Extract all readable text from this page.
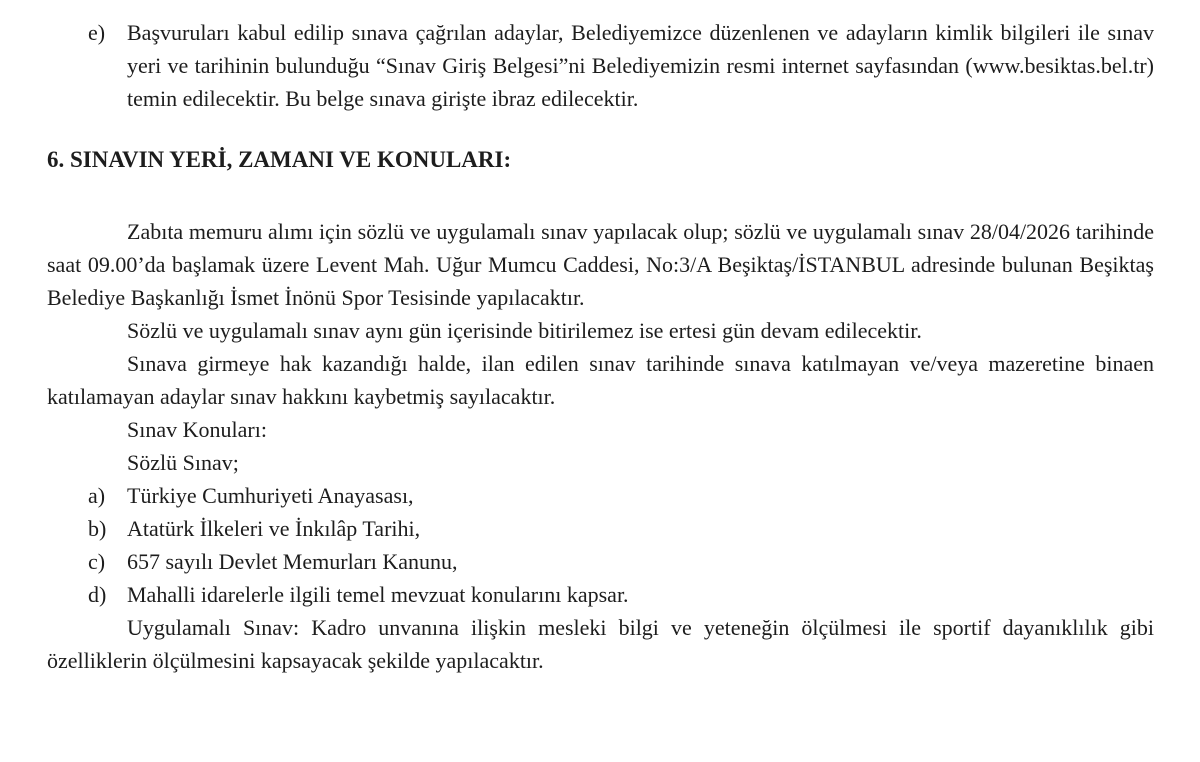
e) Başvuruları kabul edilip sınava çağrılan adaylar, Belediyemizce düzenlenen ve adayların kimlik bilgileri ile sınav yeri ve tarihinin bulunduğu “Sınav Giriş Belgesi”ni Belediyemizin resmi internet sayfasından (www.besiktas.bel.tr) temin edilecektir. Bu belge sınava girişte ibraz edilecektir.
6. SINAVIN YERİ, ZAMANI VE KONULARI:

Zabıta memuru alımı için sözlü ve uygulamalı sınav yapılacak olup; sözlü ve uygulamalı sınav 28/04/2026 tarihinde saat 09.00’da başlamak üzere Levent Mah. Uğur Mumcu Caddesi, No:3/A Beşiktaş/İSTANBUL adresinde bulunan Beşiktaş Belediye Başkanlığı İsmet İnönü Spor Tesisinde yapılacaktır.

Sözlü ve uygulamalı sınav aynı gün içerisinde bitirilemez ise ertesi gün devam edilecektir.

Sınava girmeye hak kazandığı halde, ilan edilen sınav tarihinde sınava katılmayan ve/veya mazeretine binaen katılamayan adaylar sınav hakkını kaybetmiş sayılacaktır.

Sınav Konuları:

Sözlü Sınav;

a) Türkiye Cumhuriyeti Anayasası,
b) Atatürk İlkeleri ve İnkılâp Tarihi,
c) 657 sayılı Devlet Memurları Kanunu,
d) Mahalli idarelerle ilgili temel mevzuat konularını kapsar.

Uygulamalı Sınav: Kadro unvanına ilişkin mesleki bilgi ve yeteneğin ölçülmesi ile sportif dayanıklılık gibi özelliklerin ölçülmesini kapsayacak şekilde yapılacaktır.
